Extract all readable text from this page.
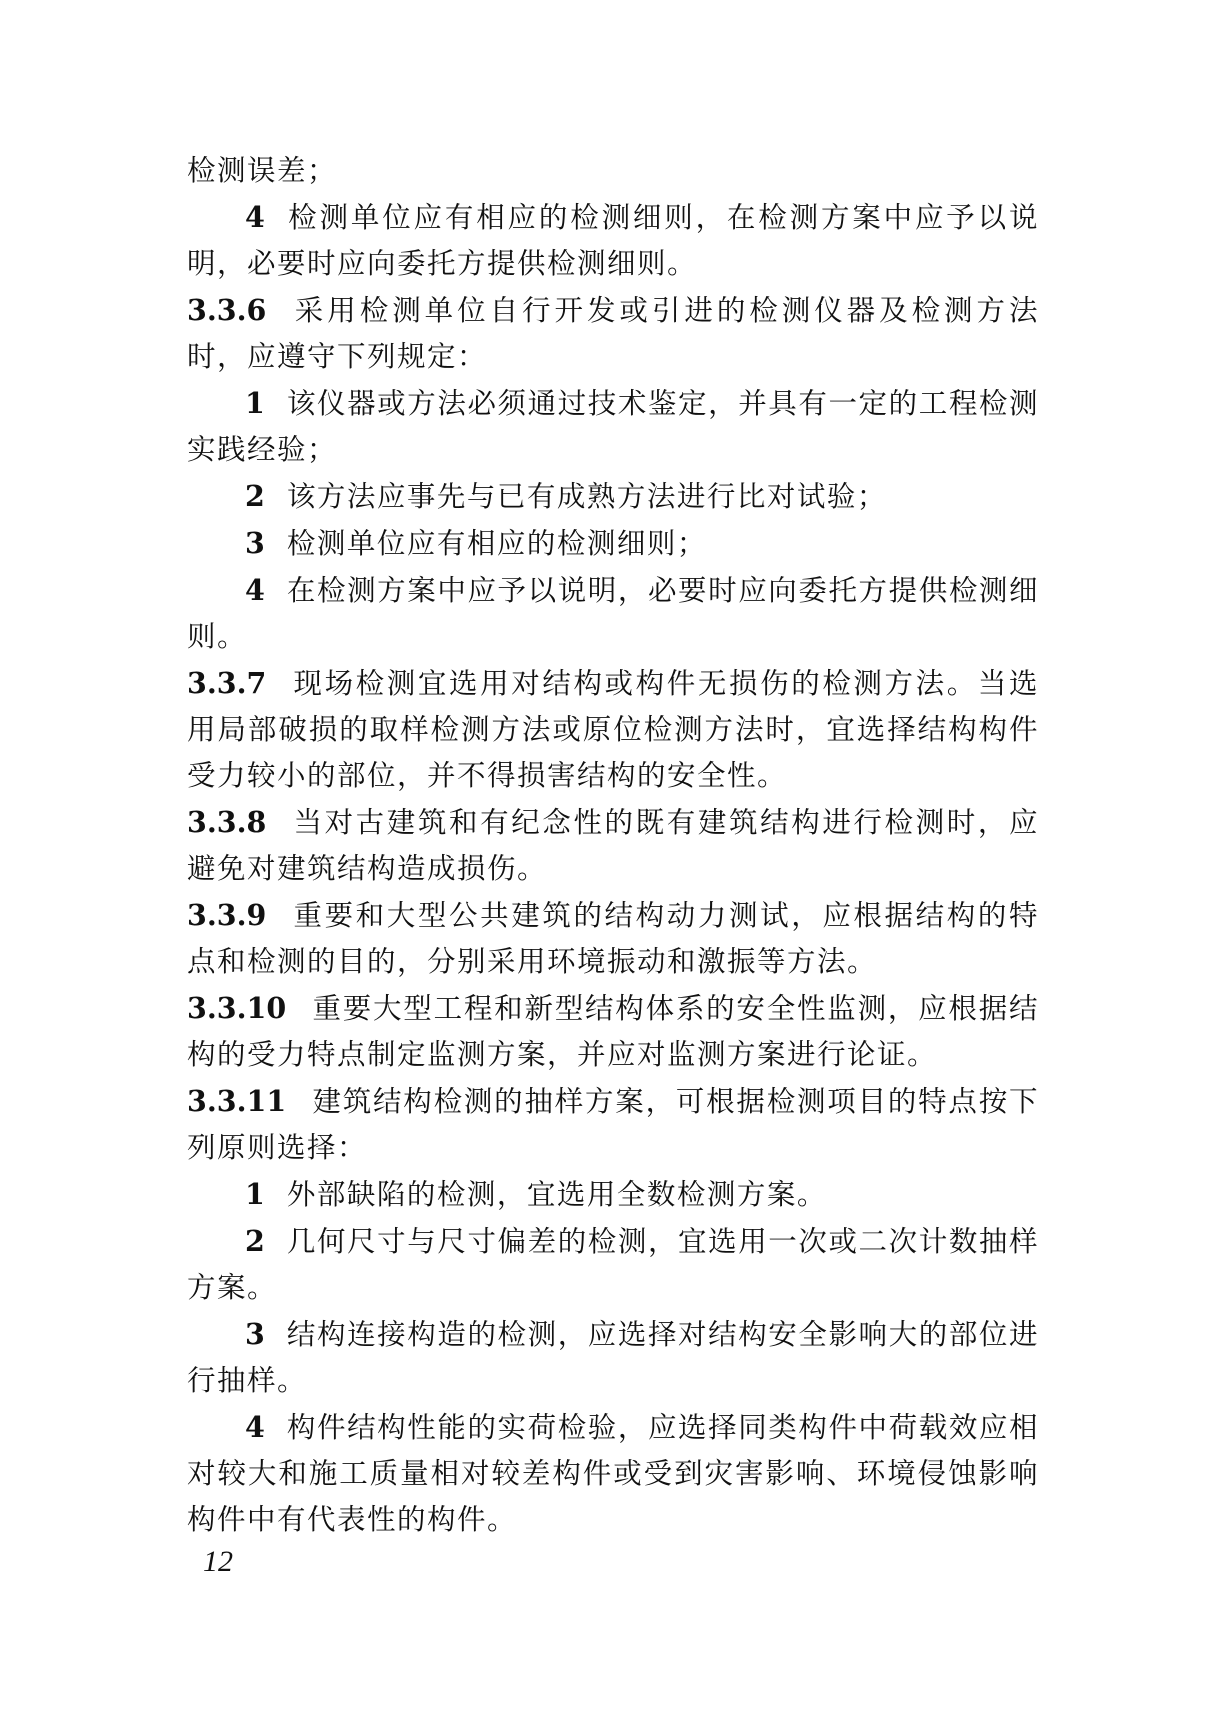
检测误差；

4 检测单位应有相应的检测细则，在检测方案中应予以说明，必要时应向委托方提供检测细则。

3.3.6 采用检测单位自行开发或引进的检测仪器及检测方法时，应遵守下列规定：

1 该仪器或方法必须通过技术鉴定，并具有一定的工程检测实践经验；

2 该方法应事先与已有成熟方法进行比对试验；

3 检测单位应有相应的检测细则；

4 在检测方案中应予以说明，必要时应向委托方提供检测细则。

3.3.7 现场检测宜选用对结构或构件无损伤的检测方法。当选用局部破损的取样检测方法或原位检测方法时，宜选择结构构件受力较小的部位，并不得损害结构的安全性。

3.3.8 当对古建筑和有纪念性的既有建筑结构进行检测时，应避免对建筑结构造成损伤。

3.3.9 重要和大型公共建筑的结构动力测试，应根据结构的特点和检测的目的，分别采用环境振动和激振等方法。

3.3.10 重要大型工程和新型结构体系的安全性监测，应根据结构的受力特点制定监测方案，并应对监测方案进行论证。

3.3.11 建筑结构检测的抽样方案，可根据检测项目的特点按下列原则选择：

1 外部缺陷的检测，宜选用全数检测方案。

2 几何尺寸与尺寸偏差的检测，宜选用一次或二次计数抽样方案。

3 结构连接构造的检测，应选择对结构安全影响大的部位进行抽样。

4 构件结构性能的实荷检验，应选择同类构件中荷载效应相对较大和施工质量相对较差构件或受到灾害影响、环境侵蚀影响构件中有代表性的构件。

12
